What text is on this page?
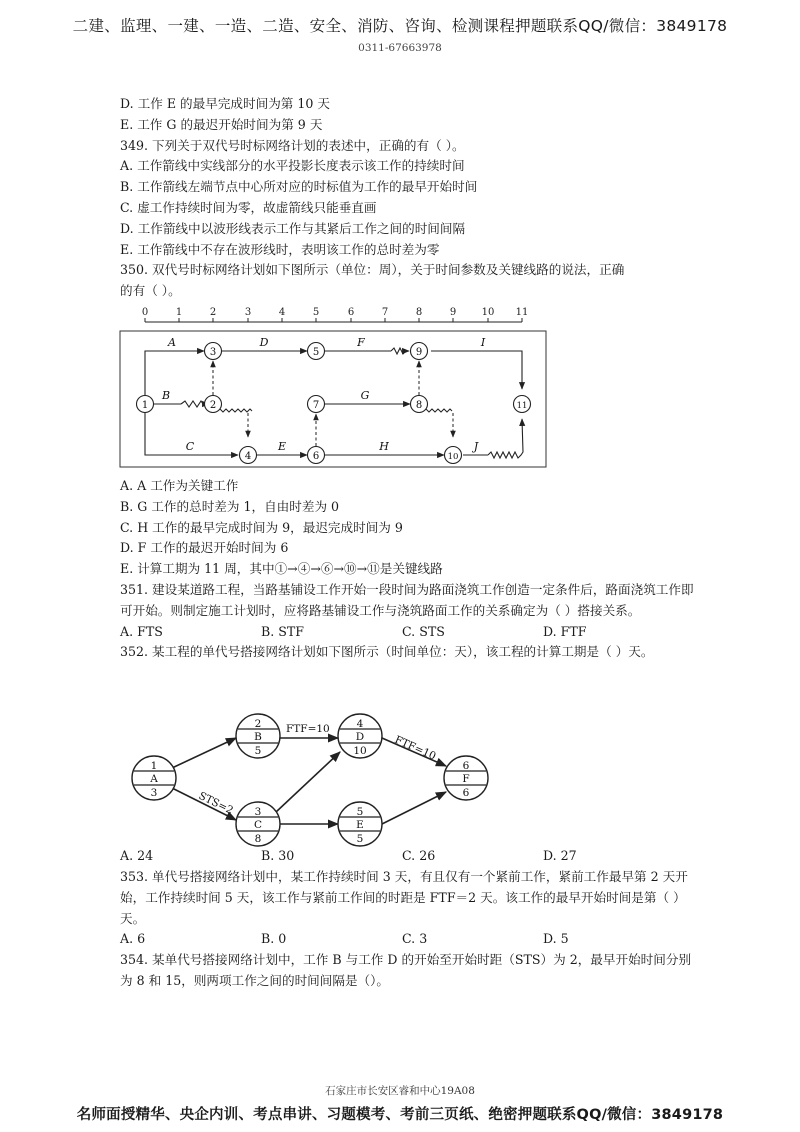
二建、监理、一建、一造、二造、安全、消防、咨询、检测课程押题联系QQ/微信：3849178
0311-67663978
D. 工作 E 的最早完成时间为第 10 天
E. 工作 G 的最迟开始时间为第 9 天
349. 下列关于双代号时标网络计划的表述中，正确的有（ ）。
A. 工作箭线中实线部分的水平投影长度表示该工作的持续时间
B. 工作箭线左端节点中心所对应的时标值为工作的最早开始时间
C. 虚工作持续时间为零，故虚箭线只能垂直画
D. 工作箭线中以波形线表示工作与其紧后工作之间的时间间隔
E. 工作箭线中不存在波形线时，表明该工作的总时差为零
350. 双代号时标网络计划如下图所示（单位：周），关于时间参数及关键线路的说法，正确
的有（ ）。
A. A 工作为关键工作
B. G 工作的总时差为 1，自由时差为 0
C. H 工作的最早完成时间为 9，最迟完成时间为 9
D. F 工作的最迟开始时间为 6
E. 计算工期为 11 周，其中①→④→⑥→⑩→⑪是关键线路
351. 建设某道路工程，当路基铺设工作开始一段时间为路面浇筑工作创造一定条件后，路面浇筑工作即可开始。则制定施工计划时，应将路基铺设工作与浇筑路面工作的关系确定为（ ）搭接关系。
A. FTS	B. STF	C. STS	D. FTF
352. 某工程的单代号搭接网络计划如下图所示（时间单位：天），该工程的计算工期是（ ）天。
A. 24	B. 30	C. 26	D. 27
353. 单代号搭接网络计划中，某工作持续时间 3 天，有且仅有一个紧前工作，紧前工作最早第 2 天开始，工作持续时间 5 天，该工作与紧前工作间的时距是 FTF＝2 天。该工作的最早开始时间是第（ ）天。
A. 6	B. 0	C. 3	D. 5
354. 某单代号搭接网络计划中，工作 B 与工作 D 的开始至开始时距（STS）为 2，最早开始时间分别为 8 和 15，则两项工作之间的时间间隔是（）。
0	1	2	3	4	5	6	7	8	9	10 11
1	2
3
4
5
6
7	8
9
10
11
A
B
C
D
E
F
G
H
I
J
1
A
3
2
B
5
3
C
8
4
D
10
5
E
5
6
F
6
FTF=10
FTF=10
STS=2
石家庄市长安区睿和中心19A08
名师面授精华、央企内训、考点串讲、习题模考、考前三页纸、绝密押题联系QQ/微信：3849178
